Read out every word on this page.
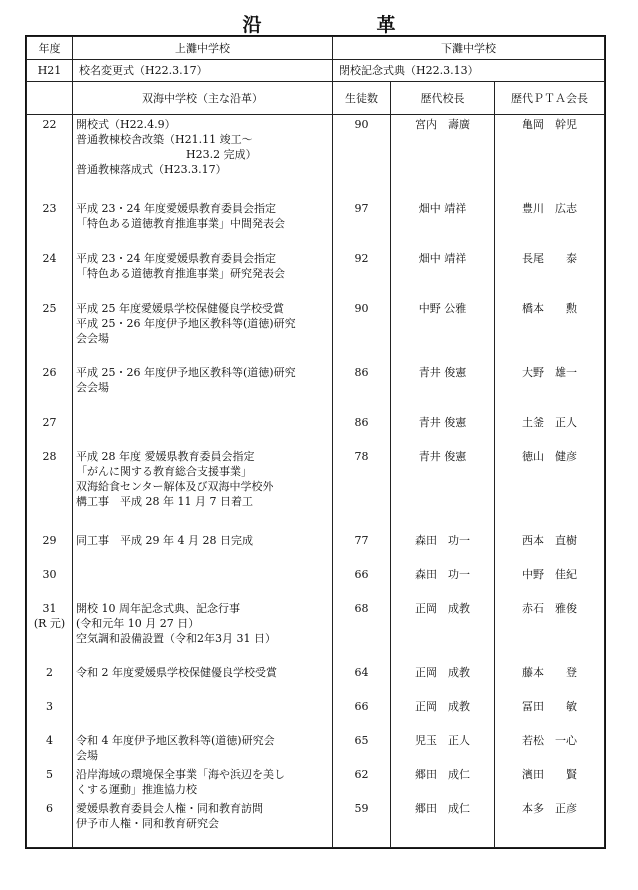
沿　革
年度	上灘中学校	下灘中学校		
H21	校名変更式（H22.3.17）	閉校記念式典（H22.3.13）		
	双海中学校（主な沿革）	生徒数	歴代校長	歴代ＰＴＡ会長

22	開校式（H22.4.9）
普通教棟校舎改築（H21.11 竣工～
　　　　　　　　　　H23.2 完成）
普通教棟落成式（H23.3.17）	90	宮内　壽廣	亀岡　幹児

23	平成 23・24 年度愛媛県教育委員会指定
「特色ある道徳教育推進事業」中間発表会	97	畑中 靖祥	豊川　広志

24	平成 23・24 年度愛媛県教育委員会指定
「特色ある道徳教育推進事業」研究発表会	92	畑中 靖祥	長尾　　泰

25	平成 25 年度愛媛県学校保健優良学校受賞
平成 25・26 年度伊予地区教科等(道徳)研究
会会場	90	中野 公雅	橋本　　勲

26	平成 25・26 年度伊予地区教科等(道徳)研究
会会場	86	青井 俊憲	大野　雄一

27		86	青井 俊憲	土釜　正人

28	平成 28 年度 愛媛県教育委員会指定
「がんに関する教育総合支援事業」
双海給食センター解体及び双海中学校外
構工事　平成 28 年 11 月 7 日着工	78	青井 俊憲	徳山　健彦

29	同工事　平成 29 年 4 月 28 日完成	77	森田　功一	西本　直樹

30		66	森田　功一	中野　佳紀

31
(R 元)	開校 10 周年記念式典、記念行事
(令和元年 10 月 27 日）
空気調和設備設置（令和2年3月 31 日）	68	正岡　成教	赤石　雅俊

2	令和 2 年度愛媛県学校保健優良学校受賞	64	正岡　成教	藤本　　登

3		66	正岡　成教	冨田　　敏

4	令和 4 年度伊予地区教科等(道徳)研究会
会場	65	児玉　正人	若松　一心

5	沿岸海域の環境保全事業「海や浜辺を美し
くする運動」推進協力校	62	郷田　成仁	濱田　　賢

6	愛媛県教育委員会人権・同和教育訪問
伊予市人権・同和教育研究会	59	郷田　成仁	本多　正彦
